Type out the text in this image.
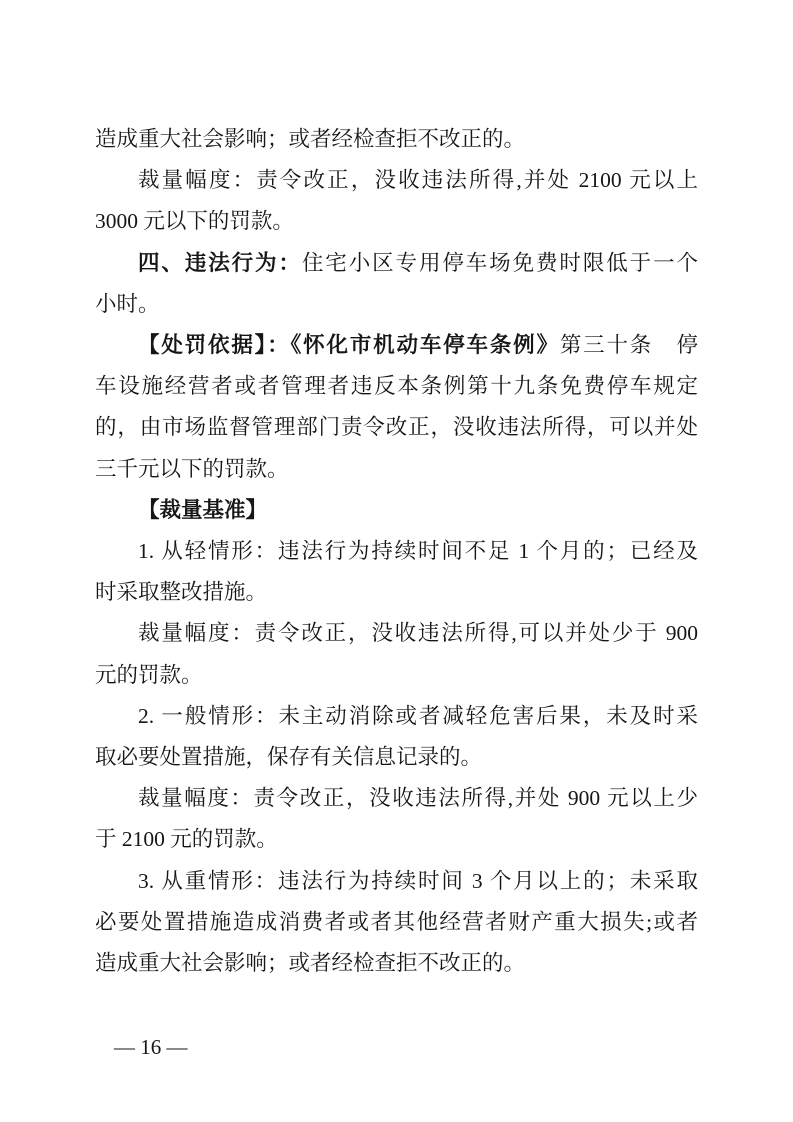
造成重大社会影响；或者经检查拒不改正的。
裁量幅度：责令改正，没收违法所得,并处 2100 元以上
3000 元以下的罚款。
四、违法行为：住宅小区专用停车场免费时限低于一个
小时。
【处罚依据】：《怀化市机动车停车条例》第三十条　停
车设施经营者或者管理者违反本条例第十九条免费停车规定
的，由市场监督管理部门责令改正，没收违法所得，可以并处
三千元以下的罚款。
【裁量基准】
1. 从轻情形：违法行为持续时间不足 1 个月的；已经及
时采取整改措施。
裁量幅度：责令改正，没收违法所得,可以并处少于 900
元的罚款。
2. 一般情形：未主动消除或者减轻危害后果，未及时采
取必要处置措施，保存有关信息记录的。
裁量幅度：责令改正，没收违法所得,并处 900 元以上少
于 2100 元的罚款。
3. 从重情形：违法行为持续时间 3 个月以上的；未采取
必要处置措施造成消费者或者其他经营者财产重大损失;或者
造成重大社会影响；或者经检查拒不改正的。
— 16 —
